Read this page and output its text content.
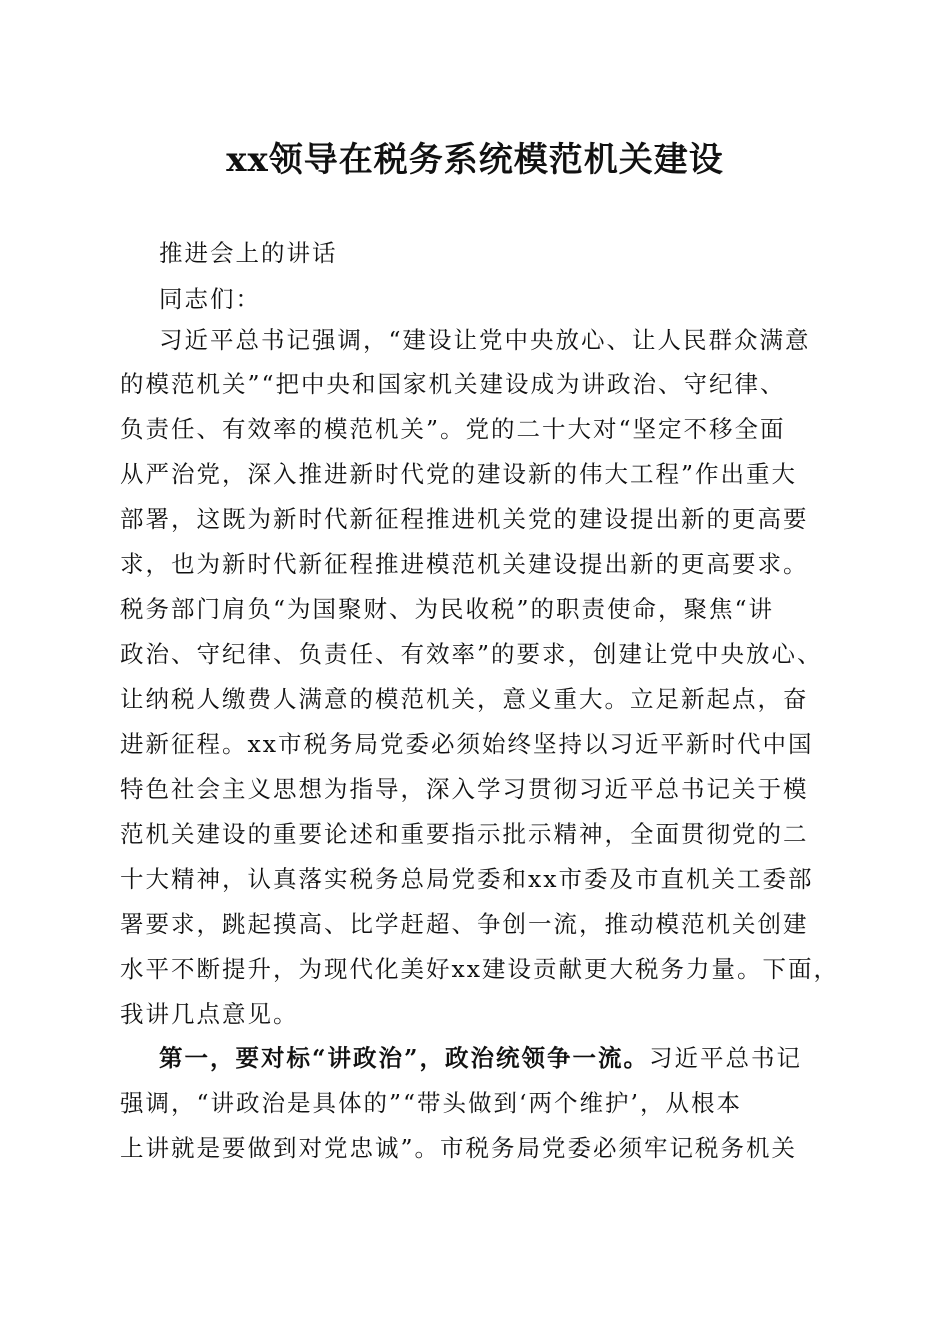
xx领导在税务系统模范机关建设
推进会上的讲话
同志们：
习近平总书记强调，“建设让党中央放心、让人民群众满意
的模范机关”“把中央和国家机关建设成为讲政治、守纪律、
负责任、有效率的模范机关”。党的二十大对“坚定不移全面
从严治党，深入推进新时代党的建设新的伟大工程”作出重大
部署，这既为新时代新征程推进机关党的建设提出新的更高要
求，也为新时代新征程推进模范机关建设提出新的更高要求。
税务部门肩负“为国聚财、为民收税”的职责使命，聚焦“讲
政治、守纪律、负责任、有效率”的要求，创建让党中央放心、
让纳税人缴费人满意的模范机关，意义重大。立足新起点，奋
进新征程。xx市税务局党委必须始终坚持以习近平新时代中国
特色社会主义思想为指导，深入学习贯彻习近平总书记关于模
范机关建设的重要论述和重要指示批示精神，全面贯彻党的二
十大精神，认真落实税务总局党委和xx市委及市直机关工委部
署要求，跳起摸高、比学赶超、争创一流，推动模范机关创建
水平不断提升，为现代化美好xx建设贡献更大税务力量。下面，
我讲几点意见。
第一，要对标“讲政治”，政治统领争一流。习近平总书记
强调，“讲政治是具体的”“带头做到‘两个维护’，从根本
上讲就是要做到对党忠诚”。市税务局党委必须牢记税务机关
